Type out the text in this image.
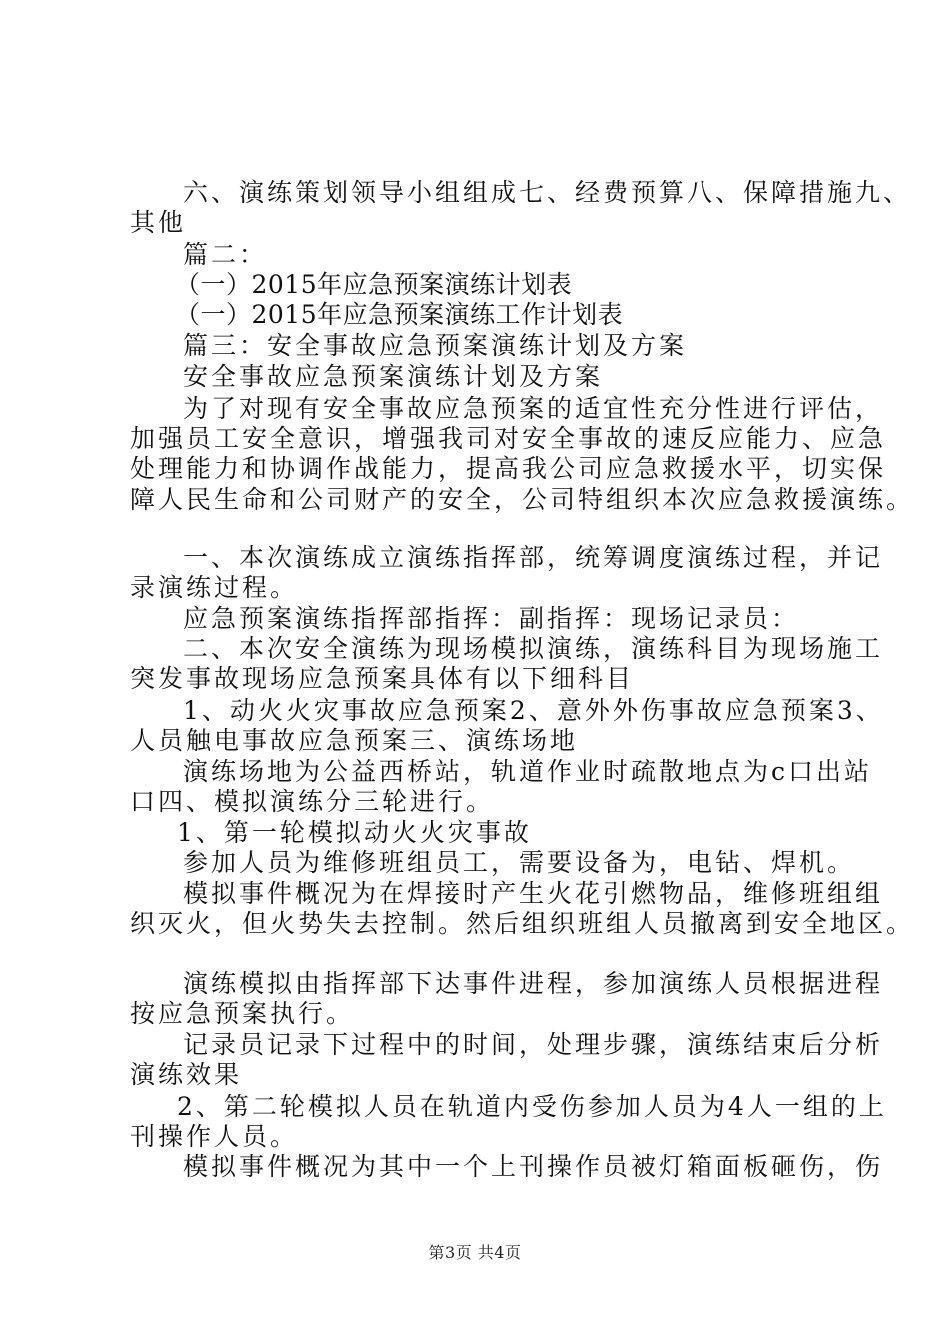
六、演练策划领导小组组成七、经费预算八、保障措施九、
其他
篇二：
（一）2015年应急预案演练计划表
（一）2015年应急预案演练工作计划表
篇三：安全事故应急预案演练计划及方案
安全事故应急预案演练计划及方案
为了对现有安全事故应急预案的适宜性充分性进行评估，
加强员工安全意识，增强我司对安全事故的速反应能力、应急
处理能力和协调作战能力，提高我公司应急救援水平，切实保
障人民生命和公司财产的安全，公司特组织本次应急救援演练。
一、本次演练成立演练指挥部，统筹调度演练过程，并记
录演练过程。
应急预案演练指挥部指挥：副指挥：现场记录员：
二、本次安全演练为现场模拟演练，演练科目为现场施工
突发事故现场应急预案具体有以下细科目
1、动火火灾事故应急预案2、意外外伤事故应急预案3、
人员触电事故应急预案三、演练场地
演练场地为公益西桥站，轨道作业时疏散地点为c口出站
口四、模拟演练分三轮进行。
1、第一轮模拟动火火灾事故
参加人员为维修班组员工，需要设备为，电钻、焊机。
模拟事件概况为在焊接时产生火花引燃物品，维修班组组
织灭火，但火势失去控制。然后组织班组人员撤离到安全地区。
演练模拟由指挥部下达事件进程，参加演练人员根据进程
按应急预案执行。
记录员记录下过程中的时间，处理步骤，演练结束后分析
演练效果
2、第二轮模拟人员在轨道内受伤参加人员为4人一组的上
刊操作人员。
模拟事件概况为其中一个上刊操作员被灯箱面板砸伤，伤
第3页 共4页
